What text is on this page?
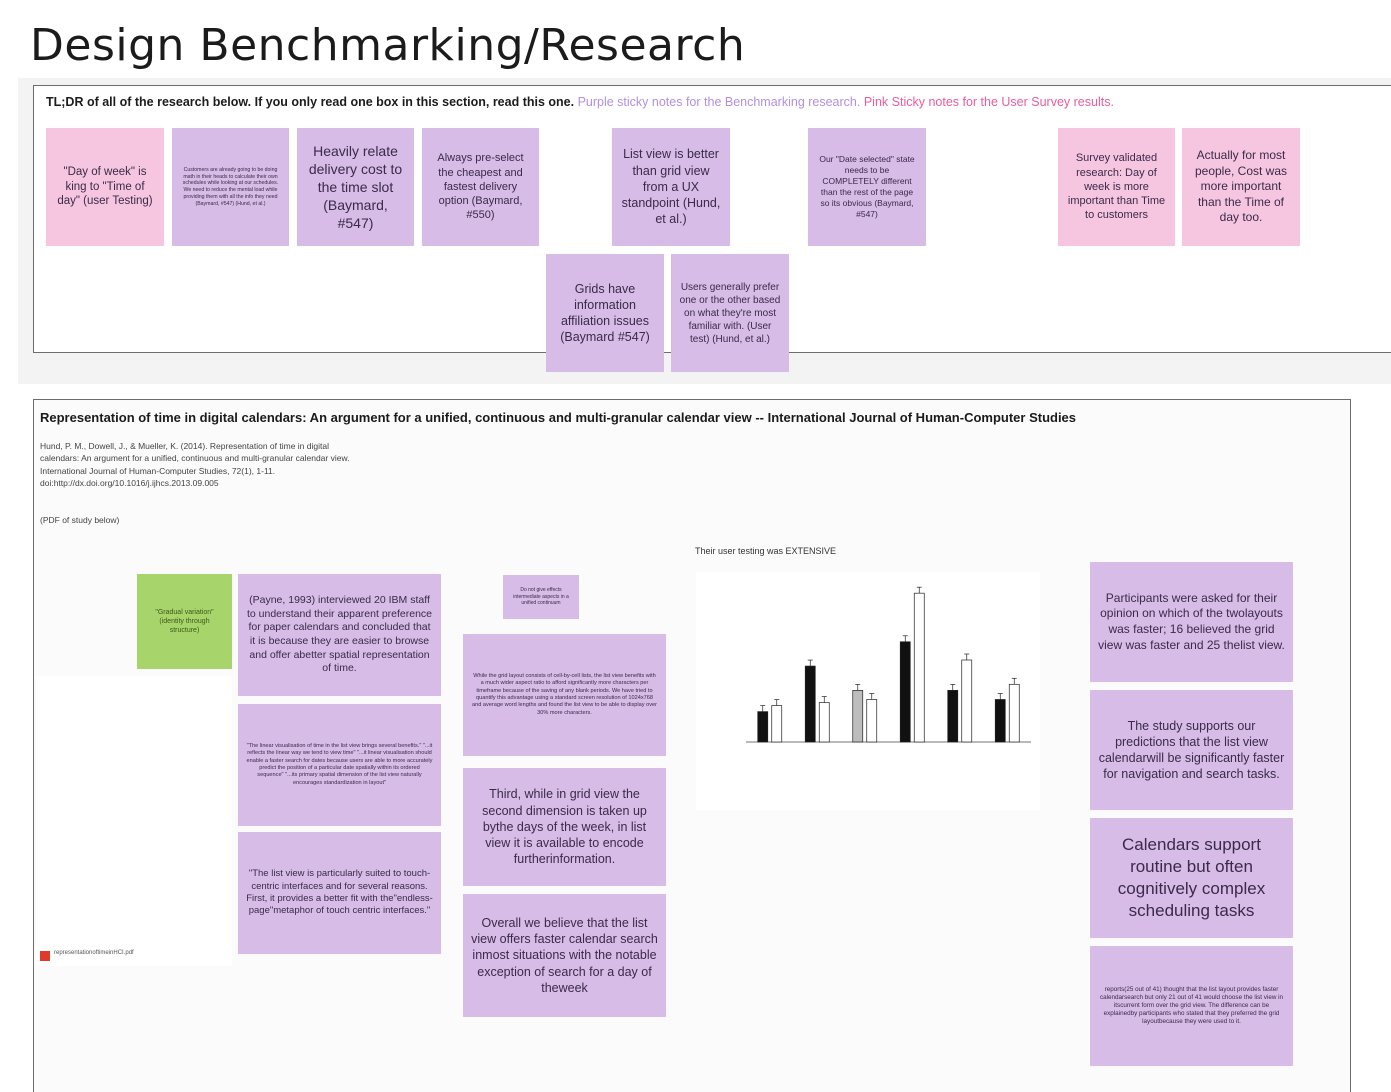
Design Benchmarking/Research
TL;DR of all of the research below. If you only read one box in this section, read this one. Purple sticky notes for the Benchmarking research. Pink Sticky notes for the User Survey results.
"Day of week" is king to "Time of day" (user Testing)
Customers are already going to be doing math in their heads to calculate their own schedules while looking at our schedules. We need to reduce the mental load while providing them with all the info they need (Baymard, #547) (Hund, et al.)
Heavily relate delivery cost to the time slot (Baymard, #547)
Always pre-select the cheapest and fastest delivery option (Baymard, #550)
List view is better than grid view from a UX standpoint (Hund, et al.)
Our "Date selected" state needs to be COMPLETELY different than the rest of the page so its obvious (Baymard, #547)
Survey validated research: Day of week is more important than Time to customers
Actually for most people, Cost was more important than the Time of day too.
Grids have information affiliation issues (Baymard #547)
Users generally prefer one or the other based on what they're most familiar with. (User test) (Hund, et al.)
Representation of time in digital calendars: An argument for a unified, continuous and multi-granular calendar view -- International Journal of Human-Computer Studies
Hund, P. M., Dowell, J., & Mueller, K. (2014). Representation of time in digital
calendars: An argument for a unified, continuous and multi-granular calendar view.
International Journal of Human-Computer Studies, 72(1), 1-11.
doi:http://dx.doi.org/10.1016/j.ijhcs.2013.09.005
(PDF of study below)
representationoftimeinHCI.pdf
"Gradual variation" (identity through structure)
(Payne, 1993) interviewed 20 IBM staff to understand their apparent preference for paper calendars and concluded that it is because they are easier to browse and offer abetter spatial representation of time.
"The linear visualisation of time in the list view brings several benefits." "...it reflects the linear way we tend to view time" "...it linear visualisation should enable a faster search for dates because users are able to more accurately predict the position of a particular date spatially within its ordered sequence" "...its primary spatial dimension of the list view naturally encourages standardization in layout"
"The list view is particularly suited to touch-centric interfaces and for several reasons. First, it provides a better fit with the"endless-page"metaphor of touch centric interfaces."
Do not give effects intermediate aspects in a unified continuum
While the grid layout consists of cell-by-cell lists, the list view benefits with a much wider aspect ratio to afford significantly more characters per timeframe because of the saving of any blank periods. We have tried to quantify this advantage using a standard screen resolution of 1024x768 and average word lengths and found the list view to be able to display over 30% more characters.
Third, while in grid view the second dimension is taken up bythe days of the week, in list view it is available to encode furtherinformation.
Overall we believe that the list view offers faster calendar search inmost situations with the notable exception of search for a day of theweek
Their user testing was EXTENSIVE
Participants were asked for their opinion on which of the twolayouts was faster; 16 believed the grid view was faster and 25 thelist view.
The study supports our predictions that the list view calendarwill be significantly faster for navigation and search tasks.
Calendars support routine but often cognitively complex scheduling tasks
reports(25 out of 41) thought that the list layout provides faster calendarsearch but only 21 out of 41 would choose the list view in itscurrent form over the grid view. The difference can be explainedby participants who stated that they preferred the grid layoutbecause they were used to it.
